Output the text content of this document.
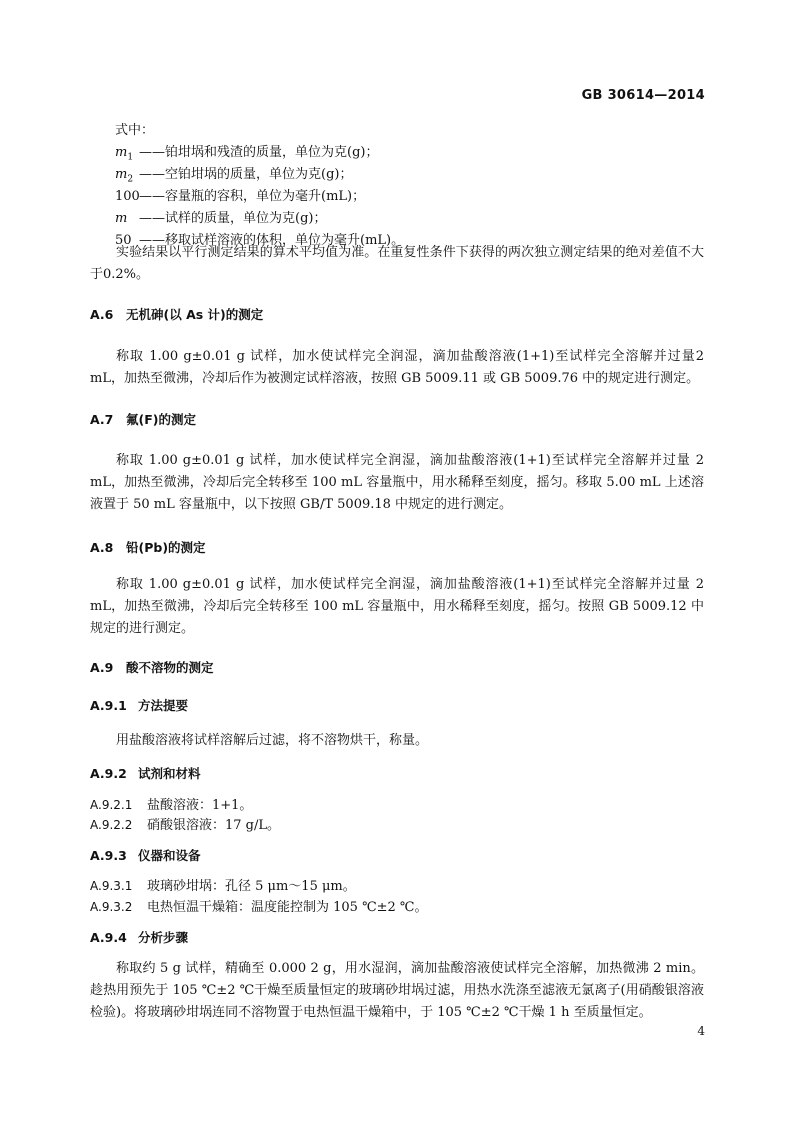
GB 30614—2014
式中：
$m_1$ ——铂坩埚和残渣的质量，单位为克(g)；
$m_2$ ——空铂坩埚的质量，单位为克(g)；
100——容量瓶的容积，单位为毫升(mL)；
m ——试样的质量，单位为克(g)；
50 ——移取试样溶液的体积，单位为毫升(mL)。
实验结果以平行测定结果的算术平均值为准。在重复性条件下获得的两次独立测定结果的绝对差值不大于0.2%。
A.6 无机砷(以 As 计)的测定
称取 1.00 g±0.01 g 试样，加水使试样完全润湿，滴加盐酸溶液(1+1)至试样完全溶解并过量2 mL，加热至微沸，冷却后作为被测定试样溶液，按照 GB 5009.11 或 GB 5009.76 中的规定进行测定。
A.7 氟(F)的测定
称取 1.00 g±0.01 g 试样，加水使试样完全润湿，滴加盐酸溶液(1+1)至试样完全溶解并过量 2 mL，加热至微沸，冷却后完全转移至 100 mL 容量瓶中，用水稀释至刻度，摇匀。移取 5.00 mL 上述溶液置于 50 mL 容量瓶中，以下按照 GB/T 5009.18 中规定的进行测定。
A.8 铅(Pb)的测定
称取 1.00 g±0.01 g 试样，加水使试样完全润湿，滴加盐酸溶液(1+1)至试样完全溶解并过量 2 mL，加热至微沸，冷却后完全转移至 100 mL 容量瓶中，用水稀释至刻度，摇匀。按照 GB 5009.12 中规定的进行测定。
A.9 酸不溶物的测定
A.9.1 方法提要
用盐酸溶液将试样溶解后过滤，将不溶物烘干，称量。
A.9.2 试剂和材料
A.9.2.1 盐酸溶液：1+1。
A.9.2.2 硝酸银溶液：17 g/L。
A.9.3 仪器和设备
A.9.3.1 玻璃砂坩埚：孔径 5 μm～15 μm。
A.9.3.2 电热恒温干燥箱：温度能控制为 105 ℃±2 ℃。
A.9.4 分析步骤
称取约 5 g 试样，精确至 0.000 2 g，用水湿润，滴加盐酸溶液使试样完全溶解，加热微沸 2 min。趁热用预先于 105 ℃±2 ℃干燥至质量恒定的玻璃砂坩埚过滤，用热水洗涤至滤液无氯离子(用硝酸银溶液检验)。将玻璃砂坩埚连同不溶物置于电热恒温干燥箱中，于 105 ℃±2 ℃干燥 1 h 至质量恒定。
4
